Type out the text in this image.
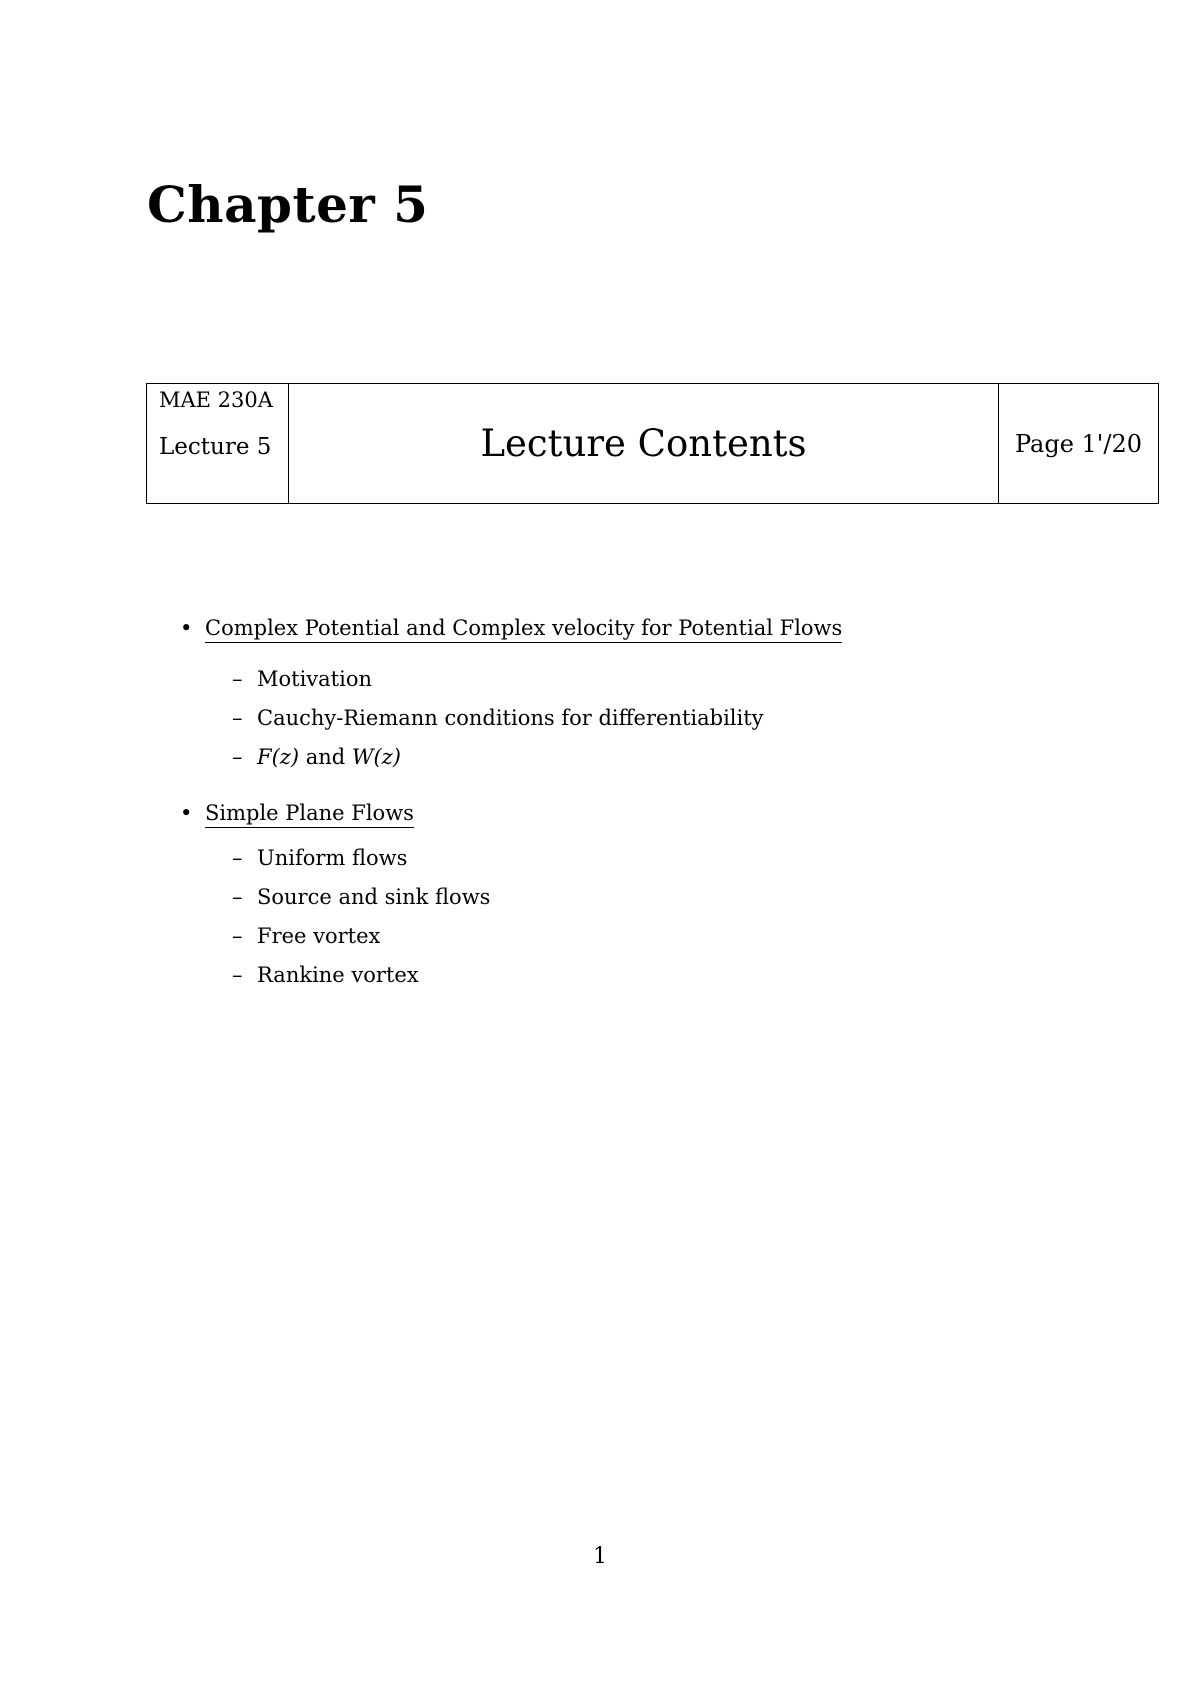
Chapter 5
MAE 230A
Lecture 5	Lecture Contents	Page 1'/20
• Complex Potential and Complex velocity for Potential Flows
– Motivation
– Cauchy-Riemann conditions for differentiability
– F(z) and W(z)
• Simple Plane Flows
– Uniform flows
– Source and sink flows
– Free vortex
– Rankine vortex
1
